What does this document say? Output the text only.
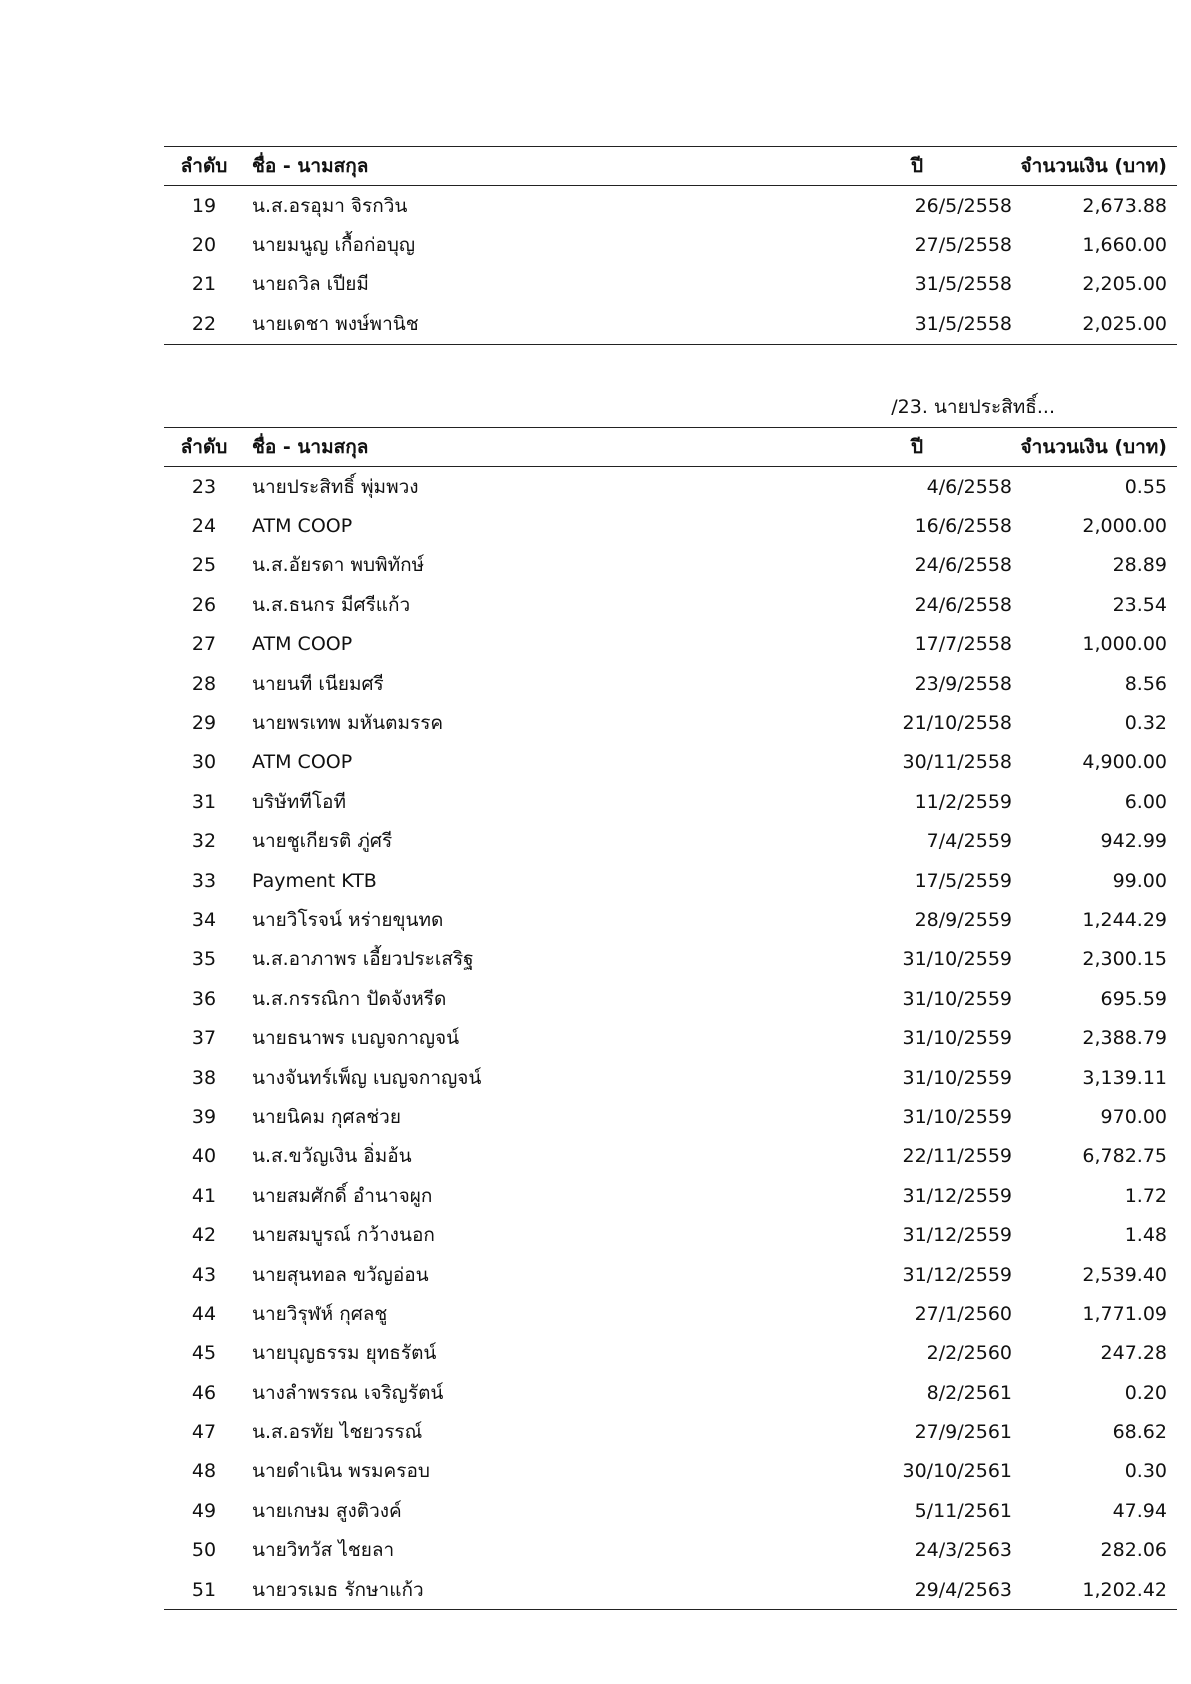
ลำดับ	ชื่อ - นามสกุล	ปี	จำนวนเงิน (บาท)
19	น.ส.อรอุมา จิรกวิน	26/5/2558	2,673.88
20	นายมนูญ เกื้อก่อบุญ	27/5/2558	1,660.00
21	นายถวิล เปียมี	31/5/2558	2,205.00
22	นายเดชา พงษ์พานิช	31/5/2558	2,025.00
/23. นายประสิทธิ์...
ลำดับ	ชื่อ - นามสกุล	ปี	จำนวนเงิน (บาท)
23	นายประสิทธิ์ พุ่มพวง	4/6/2558	0.55
24	ATM COOP	16/6/2558	2,000.00
25	น.ส.อัยรดา พบพิทักษ์	24/6/2558	28.89
26	น.ส.ธนกร มีศรีแก้ว	24/6/2558	23.54
27	ATM COOP	17/7/2558	1,000.00
28	นายนที เนียมศรี	23/9/2558	8.56
29	นายพรเทพ มหันตมรรค	21/10/2558	0.32
30	ATM COOP	30/11/2558	4,900.00
31	บริษัททีโอที	11/2/2559	6.00
32	นายชูเกียรติ ภู่ศรี	7/4/2559	942.99
33	Payment KTB	17/5/2559	99.00
34	นายวิโรจน์ หร่ายขุนทด	28/9/2559	1,244.29
35	น.ส.อาภาพร เอี้ยวประเสริฐ	31/10/2559	2,300.15
36	น.ส.กรรณิกา ปัดจังหรีด	31/10/2559	695.59
37	นายธนาพร เบญจกาญจน์	31/10/2559	2,388.79
38	นางจันทร์เพ็ญ เบญจกาญจน์	31/10/2559	3,139.11
39	นายนิคม กุศลช่วย	31/10/2559	970.00
40	น.ส.ขวัญเงิน อิ่มอ้น	22/11/2559	6,782.75
41	นายสมศักดิ์ อำนาจผูก	31/12/2559	1.72
42	นายสมบูรณ์ กว้างนอก	31/12/2559	1.48
43	นายสุนทอล ขวัญอ่อน	31/12/2559	2,539.40
44	นายวิรุฬห์ กุศลชู	27/1/2560	1,771.09
45	นายบุญธรรม ยุทธรัตน์	2/2/2560	247.28
46	นางลำพรรณ เจริญรัตน์	8/2/2561	0.20
47	น.ส.อรทัย ไชยวรรณ์	27/9/2561	68.62
48	นายดำเนิน พรมครอบ	30/10/2561	0.30
49	นายเกษม สูงติวงค์	5/11/2561	47.94
50	นายวิทวัส ไชยลา	24/3/2563	282.06
51	นายวรเมธ รักษาแก้ว	29/4/2563	1,202.42
